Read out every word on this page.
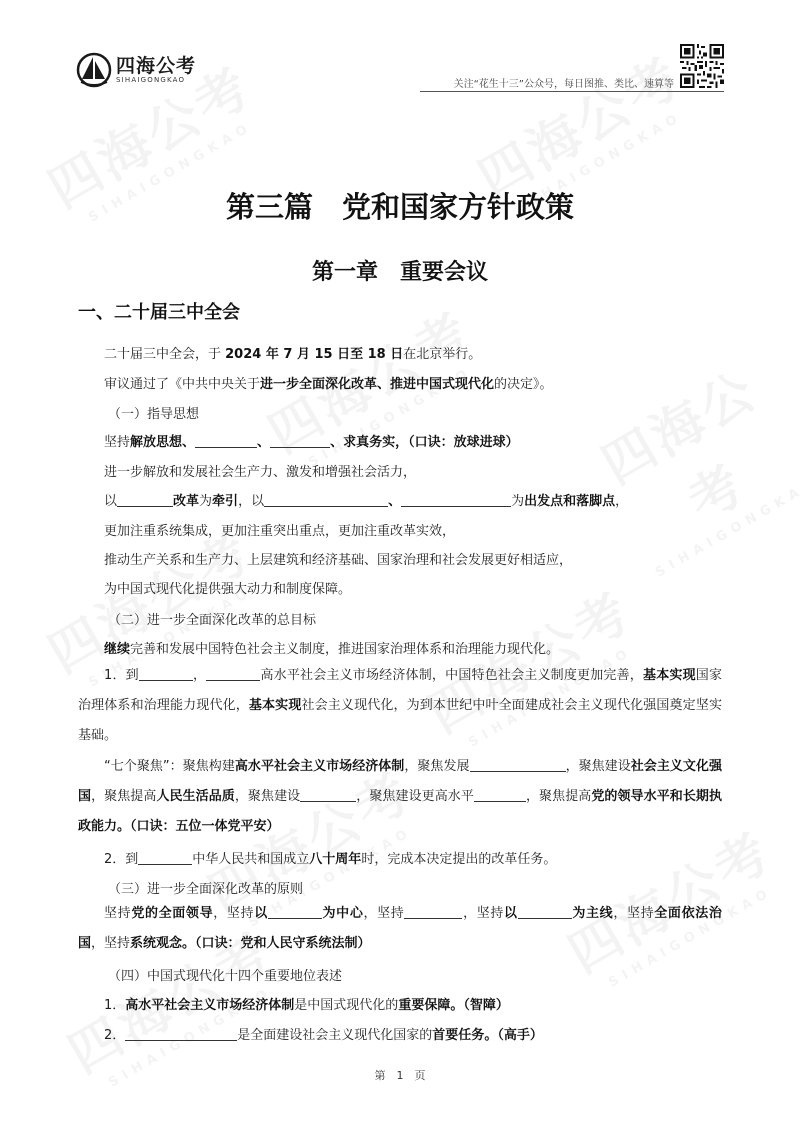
四海公考
SIHAIGONGKAO	关注“花生十三”公众号，每日图推、类比、速算等
第三篇　党和国家方针政策
第一章　重要会议
一、二十届三中全会
二十届三中全会，于 2024 年 7 月 15 日至 18 日在北京举行。
审议通过了《中共中央关于进一步全面深化改革、推进中国式现代化的决定》。
（一）指导思想
坚持解放思想、	、	、求真务实，（口诀：放球进球）
进一步解放和发展社会生产力、激发和增强社会活力，
以	改革为牵引，以	、	为出发点和落脚点，
更加注重系统集成，更加注重突出重点，更加注重改革实效，
推动生产关系和生产力、上层建筑和经济基础、国家治理和社会发展更好相适应，
为中国式现代化提供强大动力和制度保障。
（二）进一步全面深化改革的总目标
继续完善和发展中国特色社会主义制度，推进国家治理体系和治理能力现代化。
1．到	，	高水平社会主义市场经济体制，中国特色社会主义制度更加完善，基本实现国家治理体系和治理能力现代化，基本实现社会主义现代化，为到本世纪中叶全面建成社会主义现代化强国奠定坚实基础。
“七个聚焦”：聚焦构建高水平社会主义市场经济体制，聚焦发展	，聚焦建设社会主义文化强国，聚焦提高人民生活品质，聚焦建设	，聚焦建设更高水平	，聚焦提高党的领导水平和长期执政能力。（口诀：五位一体党平安）
2．到	中华人民共和国成立八十周年时，完成本决定提出的改革任务。
（三）进一步全面深化改革的原则
坚持党的全面领导，坚持以	为中心，坚持	，坚持以	为主线，坚持全面依法治国，坚持系统观念。（口诀：党和人民守系统法制）
（四）中国式现代化十四个重要地位表述
1．高水平社会主义市场经济体制是中国式现代化的重要保障。（智障）
2．	是全面建设社会主义现代化国家的首要任务。（高手）
第　1　页
